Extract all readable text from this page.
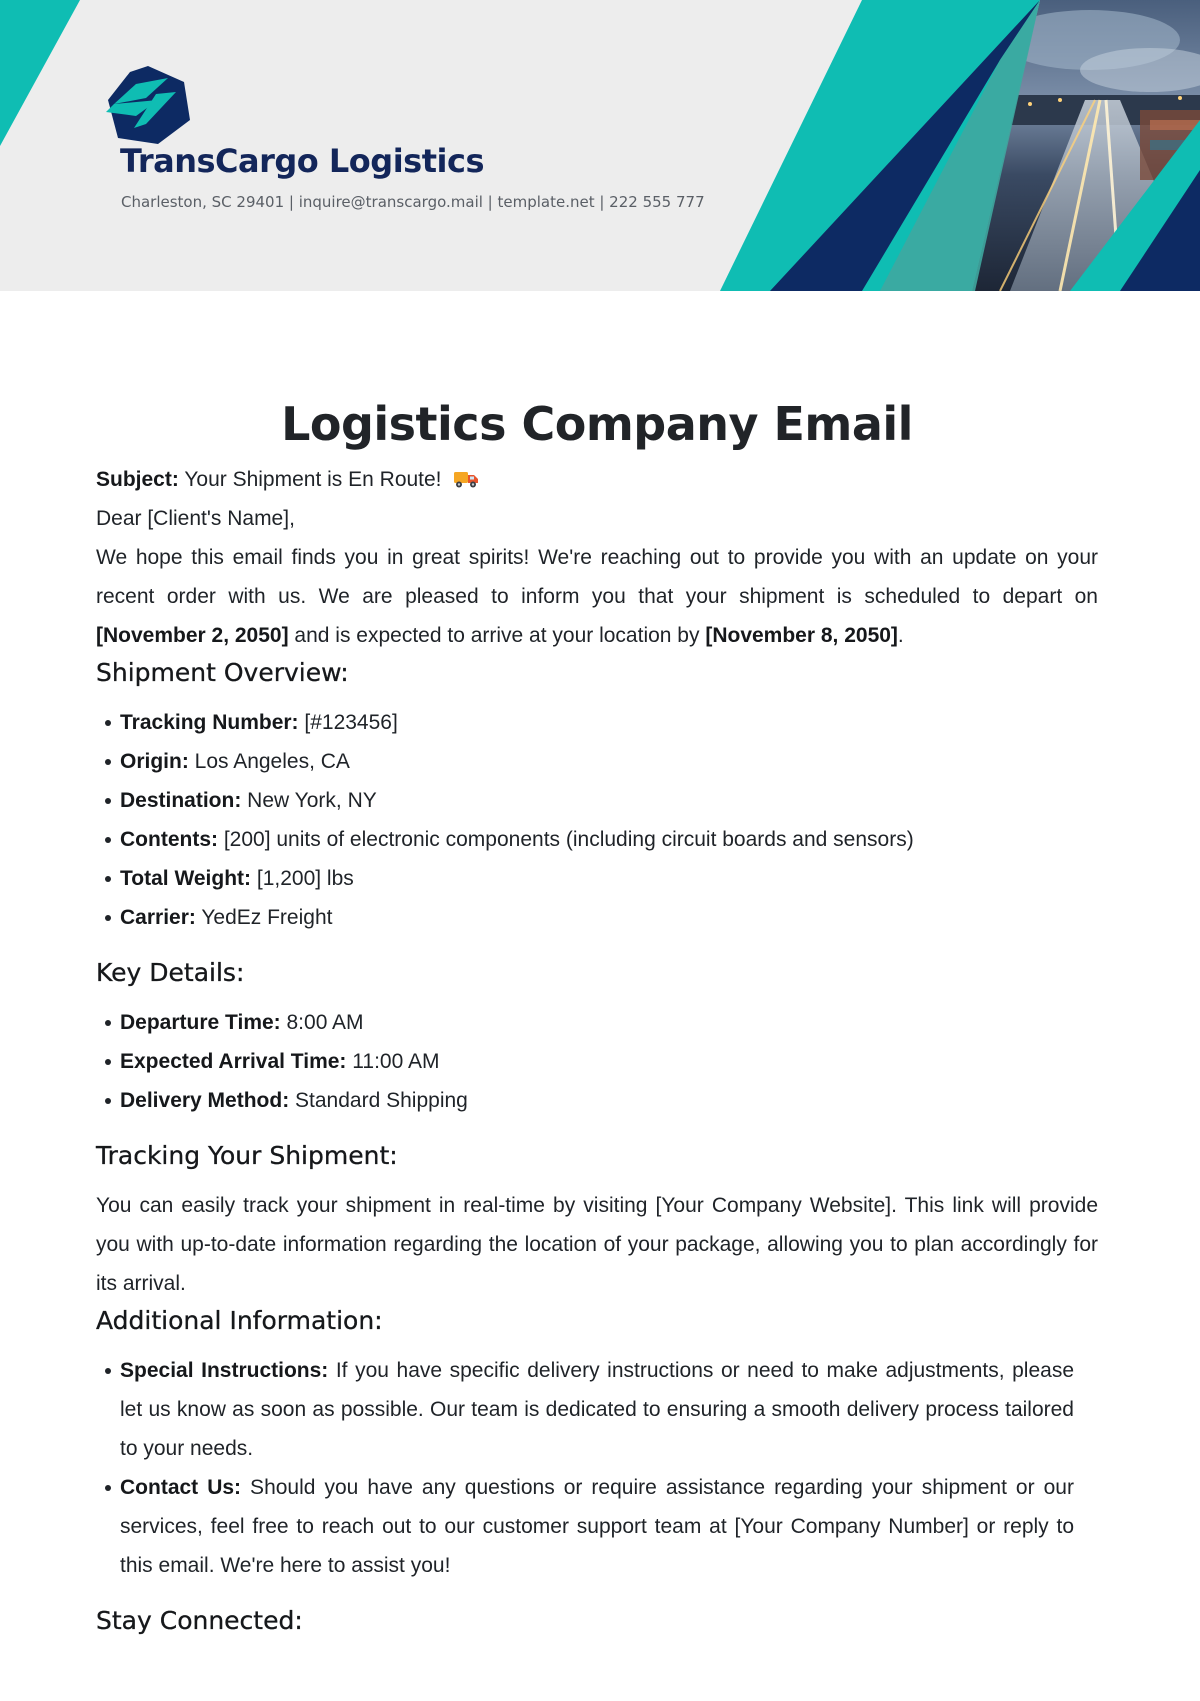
TransCargo Logistics
Charleston, SC 29401 | inquire@transcargo.mail | template.net | 222 555 777
Logistics Company Email

Subject: Your Shipment is En Route!

Dear [Client's Name],

We hope this email finds you in great spirits! We're reaching out to provide you with an update on your recent order with us. We are pleased to inform you that your shipment is scheduled to depart on [November 2, 2050] and is expected to arrive at your location by [November 8, 2050].

Shipment Overview:
Tracking Number: [#123456]
Origin: Los Angeles, CA
Destination: New York, NY
Contents: [200] units of electronic components (including circuit boards and sensors)
Total Weight: [1,200] lbs
Carrier: YedEz Freight
Key Details:
Departure Time: 8:00 AM
Expected Arrival Time: 11:00 AM
Delivery Method: Standard Shipping
Tracking Your Shipment:

You can easily track your shipment in real-time by visiting [Your Company Website]. This link will provide you with up-to-date information regarding the location of your package, allowing you to plan accordingly for its arrival.

Additional Information:
Special Instructions: If you have specific delivery instructions or need to make adjustments, please let us know as soon as possible. Our team is dedicated to ensuring a smooth delivery process tailored to your needs.
Contact Us: Should you have any questions or require assistance regarding your shipment or our services, feel free to reach out to our customer support team at [Your Company Number] or reply to this email. We're here to assist you!
Stay Connected:
